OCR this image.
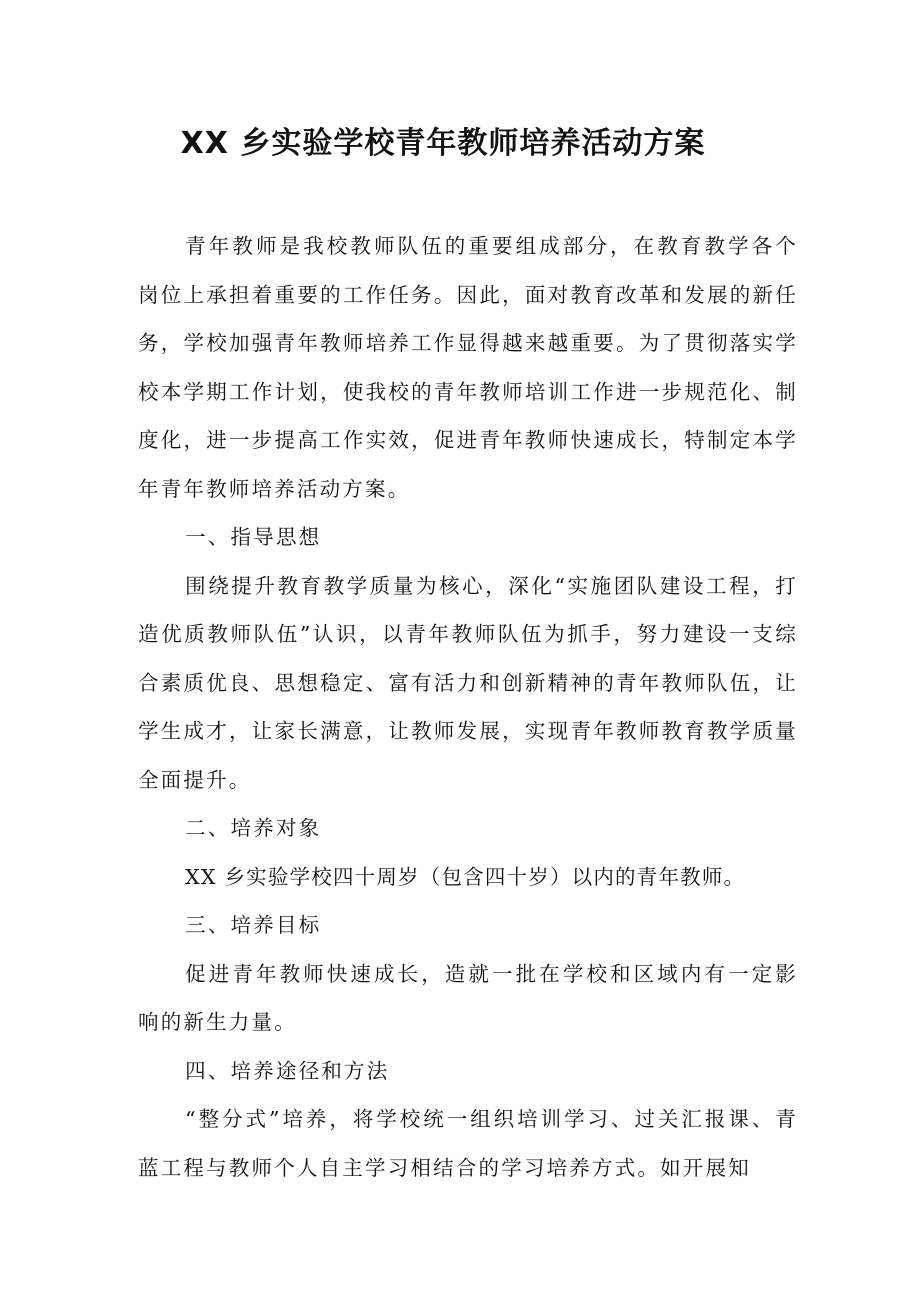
XX 乡实验学校青年教师培养活动方案

青年教师是我校教师队伍的重要组成部分，在教育教学各个岗位上承担着重要的工作任务。因此，面对教育改革和发展的新任务，学校加强青年教师培养工作显得越来越重要。为了贯彻落实学校本学期工作计划，使我校的青年教师培训工作进一步规范化、制度化，进一步提高工作实效，促进青年教师快速成长，特制定本学年青年教师培养活动方案。

一、指导思想

围绕提升教育教学质量为核心，深化“实施团队建设工程，打造优质教师队伍”认识，以青年教师队伍为抓手，努力建设一支综合素质优良、思想稳定、富有活力和创新精神的青年教师队伍，让学生成才，让家长满意，让教师发展，实现青年教师教育教学质量全面提升。

二、培养对象

XX 乡实验学校四十周岁（包含四十岁）以内的青年教师。

三、培养目标

促进青年教师快速成长，造就一批在学校和区域内有一定影响的新生力量。

四、培养途径和方法

“整分式”培养，将学校统一组织培训学习、过关汇报课、青蓝工程与教师个人自主学习相结合的学习培养方式。如开展知
